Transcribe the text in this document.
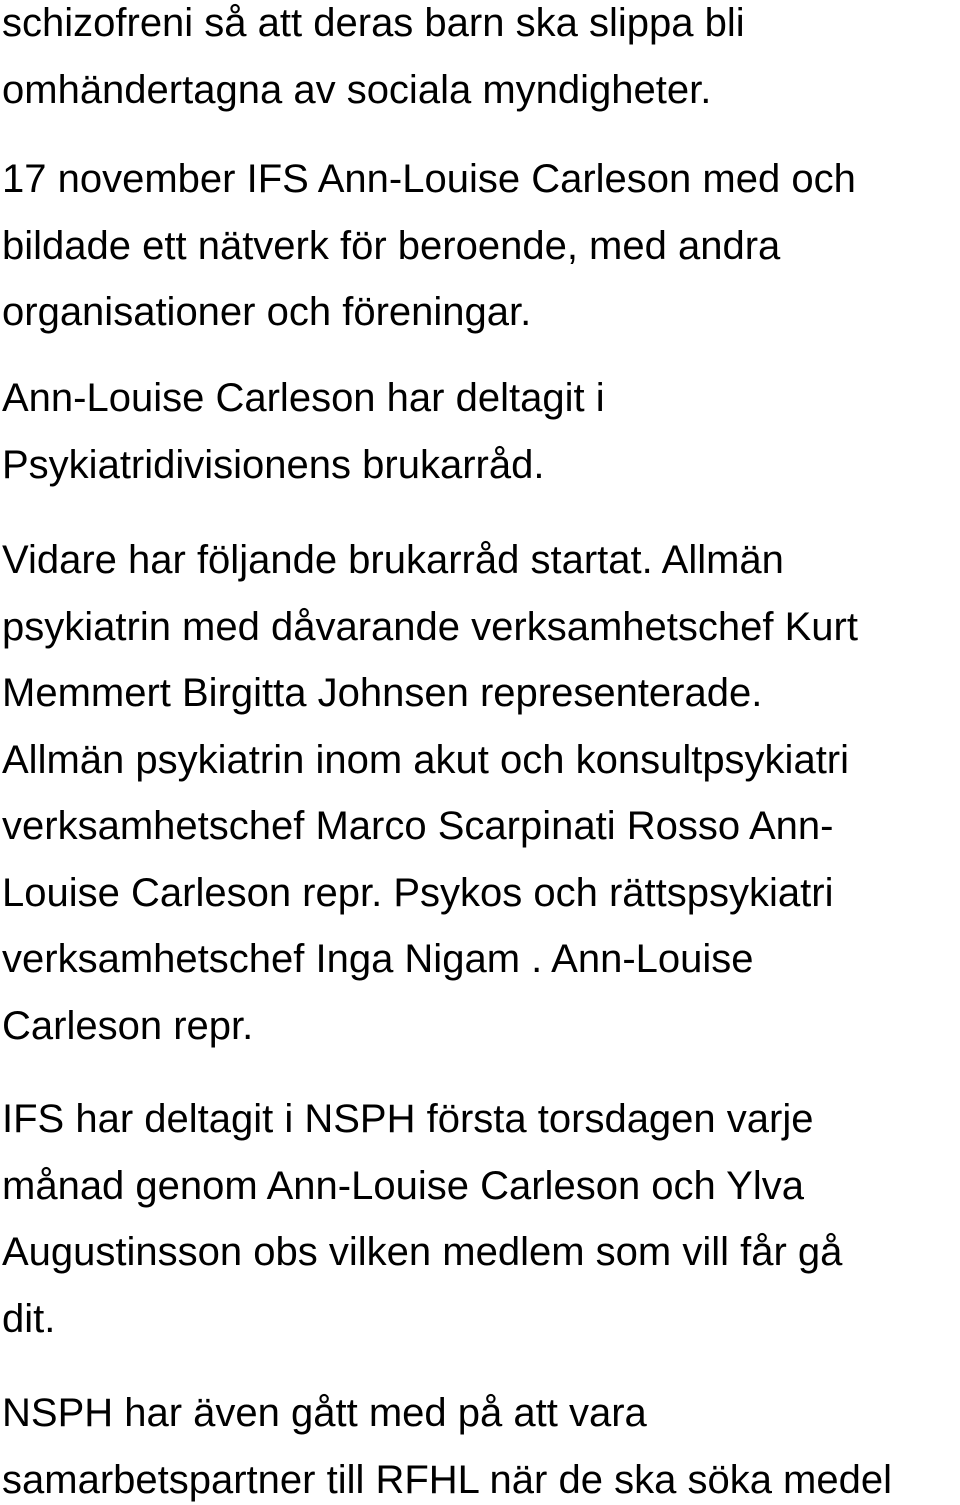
schizofreni så att deras barn ska slippa bli
omhändertagna av sociala myndigheter.

17 november IFS Ann-Louise Carleson med och
bildade ett nätverk för beroende, med andra
organisationer och föreningar.

Ann-Louise Carleson har deltagit i
Psykiatridivisionens brukarråd.

Vidare har följande brukarråd startat. Allmän
psykiatrin med dåvarande verksamhetschef Kurt
Memmert Birgitta Johnsen representerade.
Allmän psykiatrin inom akut och konsultpsykiatri
verksamhetschef Marco Scarpinati Rosso Ann-
Louise Carleson repr. Psykos och rättspsykiatri
verksamhetschef Inga Nigam . Ann-Louise
Carleson repr.

IFS har deltagit i NSPH första torsdagen varje
månad genom Ann-Louise Carleson och Ylva
Augustinsson obs vilken medlem som vill får gå
dit.

NSPH har även gått med på att vara
samarbetspartner till RFHL när de ska söka medel
